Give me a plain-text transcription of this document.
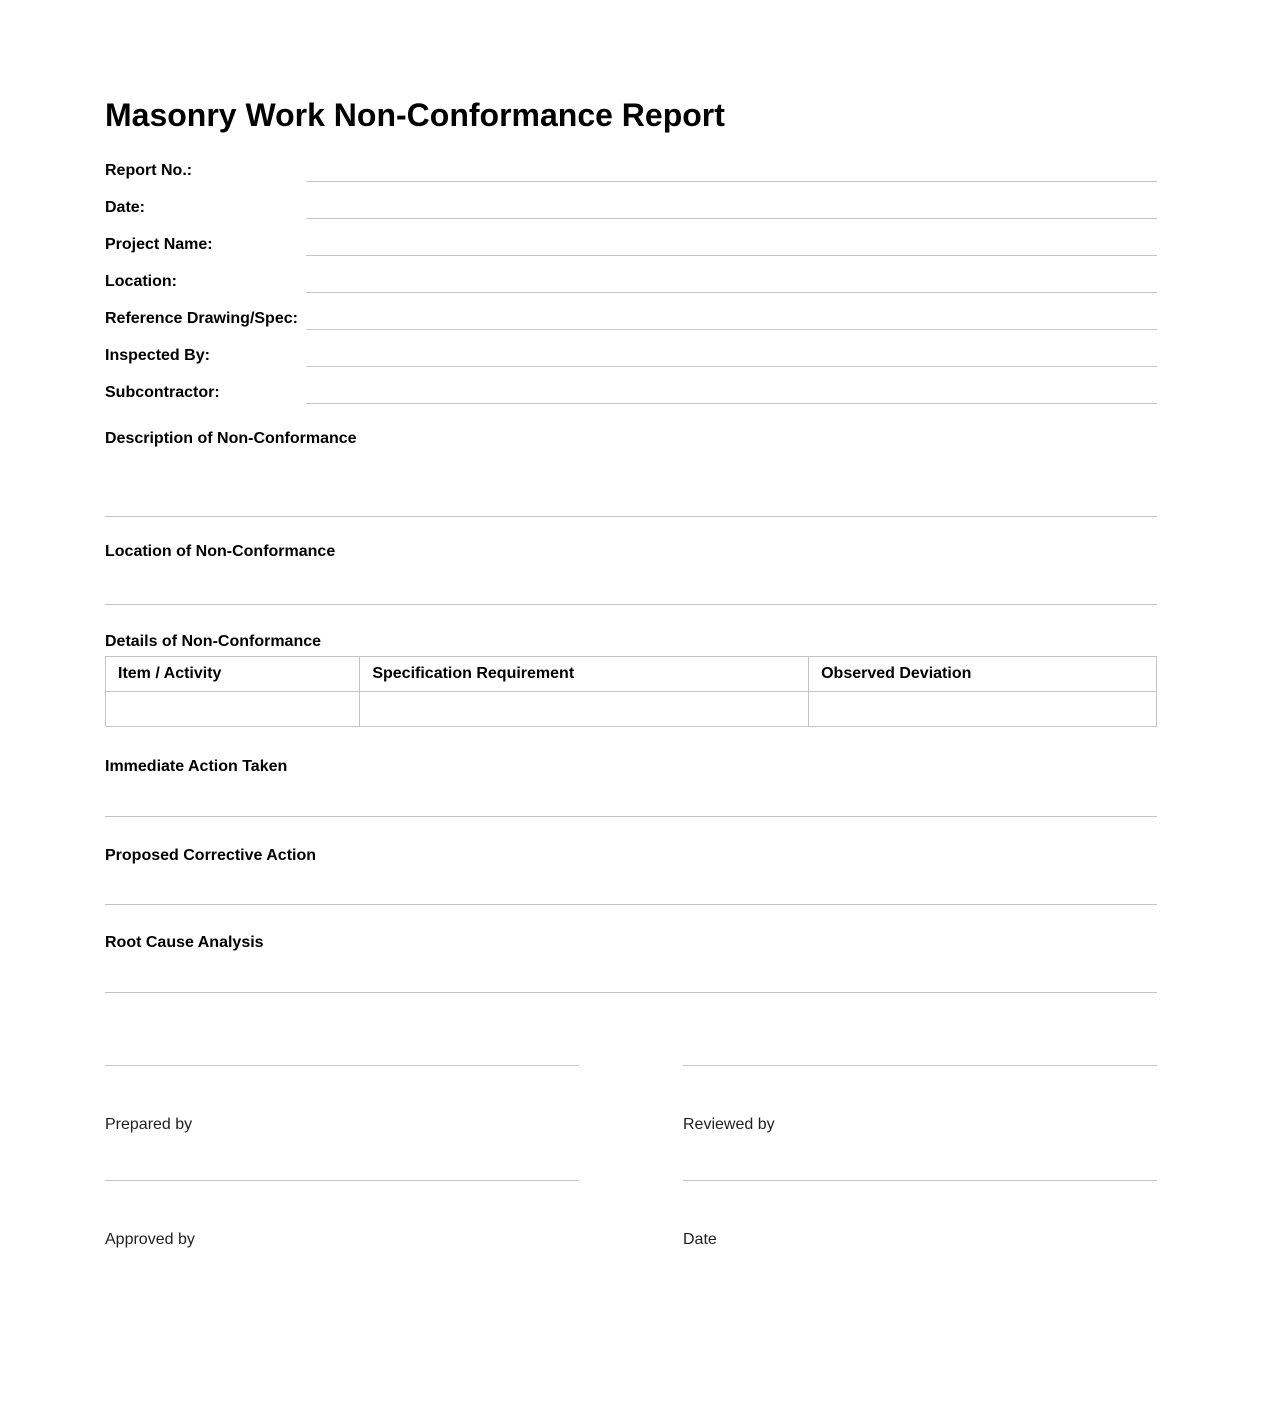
Masonry Work Non-Conformance Report
Report No.:
Date:
Project Name:
Location:
Reference Drawing/Spec:
Inspected By:
Subcontractor:
Description of Non-Conformance
Location of Non-Conformance
Details of Non-Conformance
Item / Activity	Specification Requirement	Observed Deviation

Immediate Action Taken
Proposed Corrective Action
Root Cause Analysis
Prepared by	Reviewed by
Approved by	Date
